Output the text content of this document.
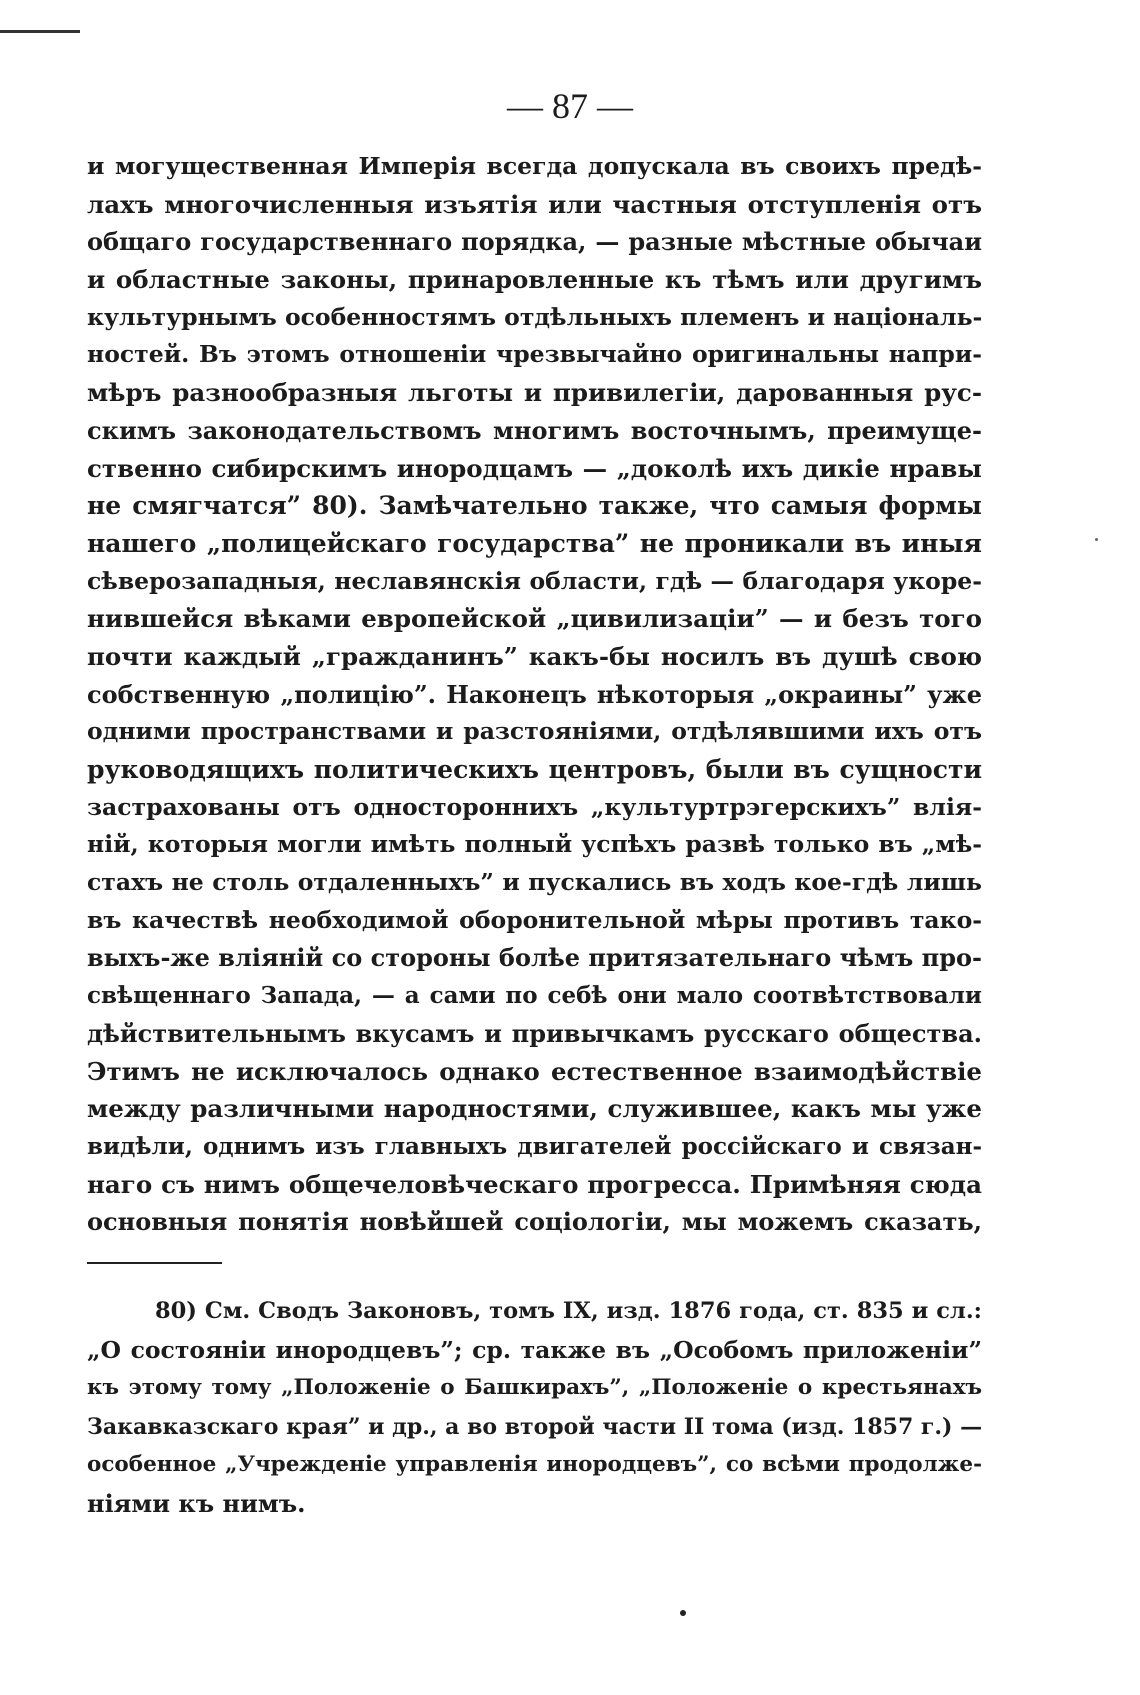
— 87 —
и могущественная Имперія всегда допускала въ своихъ предѣ-
лахъ многочисленныя изъятія или частныя отступленія отъ
общаго государственнаго порядка, — разные мѣстные обычаи
и областные законы, принаровленные къ тѣмъ или другимъ
культурнымъ особенностямъ отдѣльныхъ племенъ и національ-
ностей. Въ этомъ отношеніи чрезвычайно оригинальны напри-
мѣръ разнообразныя льготы и привилегіи, дарованныя рус-
скимъ законодательствомъ многимъ восточнымъ, преимуще-
ственно сибирскимъ инородцамъ — „доколѣ ихъ дикіе нравы
не смягчатся” 80). Замѣчательно также, что самыя формы
нашего „полицейскаго государства” не проникали въ иныя
сѣверозападныя, неславянскія области, гдѣ — благодаря укоре-
нившейся вѣками европейской „цивилизаціи” — и безъ того
почти каждый „гражданинъ” какъ-бы носилъ въ душѣ свою
собственную „полицію”. Наконецъ нѣкоторыя „окраины” уже
одними пространствами и разстояніями, отдѣлявшими ихъ отъ
руководящихъ политическихъ центровъ, были въ сущности
застрахованы отъ одностороннихъ „культуртрэгерскихъ” влія-
ній, которыя могли имѣть полный успѣхъ развѣ только въ „мѣ-
стахъ не столь отдаленныхъ” и пускались въ ходъ кое-гдѣ лишь
въ качествѣ необходимой оборонительной мѣры противъ тако-
выхъ-же вліяній со стороны болѣе притязательнаго чѣмъ про-
свѣщеннаго Запада, — а сами по себѣ они мало соотвѣтствовали
дѣйствительнымъ вкусамъ и привычкамъ русскаго общества.
Этимъ не исключалось однако естественное взаимодѣйствіе
между различными народностями, служившее, какъ мы уже
видѣли, однимъ изъ главныхъ двигателей россійскаго и связан-
наго съ нимъ общечеловѣческаго прогресса. Примѣняя сюда
основныя понятія новѣйшей соціологіи, мы можемъ сказать,
80) См. Сводъ Законовъ, томъ IX, изд. 1876 года, ст. 835 и сл.:
„О состояніи инородцевъ”; ср. также въ „Особомъ приложеніи”
къ этому тому „Положеніе о Башкирахъ”, „Положеніе о крестьянахъ
Закавказскаго края” и др., а во второй части II тома (изд. 1857 г.) —
особенное „Учрежденіе управленія инородцевъ”, со всѣми продолже-
ніями къ нимъ.
